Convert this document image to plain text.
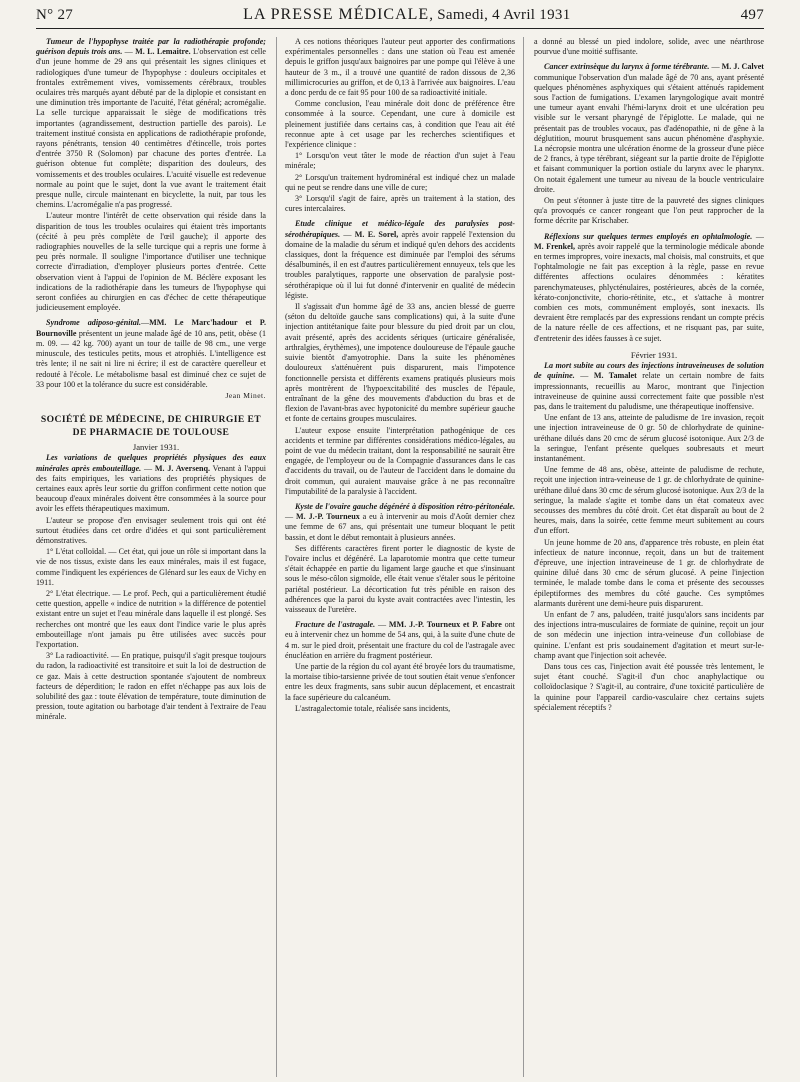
N° 27	LA PRESSE MÉDICALE, Samedi, 4 Avril 1931	497

Tumeur de l'hypophyse traitée par la radiothérapie profonde; guérison depuis trois ans. — M. L. Lemaitre. L'observation est celle d'un jeune homme de 29 ans qui présentait les signes cliniques et radiologiques d'une tumeur de l'hypophyse : douleurs occipitales et frontales extrêmement vives, vomissements cérébraux, troubles oculaires très marqués ayant débuté par de la diplopie et consistant en une diminution très importante de l'acuité, l'état général; acromégalie. La selle turcique apparaissait le siège de modifications très importantes (agrandissement, destruction partielle des parois). Le traitement institué consista en applications de radiothérapie profonde, rayons pénétrants, tension 40 centimètres d'étincelle, trois portes d'entrée 3750 R (Solomon) par chacune des portes d'entrée. La guérison obtenue fut complète; disparition des douleurs, des vomissements et des troubles oculaires. L'acuité visuelle est redevenue normale au point que le sujet, dont la vue avant le traitement était presque nulle, circule maintenant en bicyclette, la nuit, par tous les chemins. L'acromégalie n'a pas progressé.

L'auteur montre l'intérêt de cette observation qui réside dans la disparition de tous les troubles oculaires qui étaient très importants (cécité à peu près complète de l'œil gauche); il apporte des radiographies nouvelles de la selle turcique qui a repris une forme à peu près normale. Il souligne l'importance d'utiliser une technique correcte d'irradiation, d'employer plusieurs portes d'entrée. Cette observation vient à l'appui de l'opinion de M. Béclère exposant les indications de la radiothérapie dans les tumeurs de l'hypophyse qui seront confiées au chirurgien en cas d'échec de cette thérapeutique judicieusement employée.

Syndrome adiposo-génital.—MM. Le Marc'hadour et P. Bournoville présentent un jeune malade âgé de 10 ans, petit, obèse (1 m. 09. — 42 kg. 700) ayant un tour de taille de 98 cm., une verge minuscule, des testicules petits, mous et atrophiés. L'intelligence est très lente; il ne sait ni lire ni écrire; il est de caractère querelleur et redouté à l'école. Le métabolisme basal est diminué chez ce sujet de 33 pour 100 et la tolérance du sucre est considérable.

Jean Minet.

SOCIÉTÉ DE MÉDECINE, DE CHIRURGIE ET DE PHARMACIE DE TOULOUSE

Janvier 1931.

Les variations de quelques propriétés physiques des eaux minérales après embouteillage. — M. J. Aversenq. Venant à l'appui des faits empiriques, les variations des propriétés physiques de certaines eaux après leur sortie du griffon confirment cette notion que beaucoup d'eaux minérales doivent être consommées à la source pour avoir les effets thérapeutiques maximum.

L'auteur se propose d'en envisager seulement trois qui ont été surtout étudiées dans cet ordre d'idées et qui sont particulièrement démonstratives.

1° L'état colloïdal. — Cet état, qui joue un rôle si important dans la vie de nos tissus, existe dans les eaux minérales, mais il est fugace, comme l'indiquent les expériences de Glénard sur les eaux de Vichy en 1911.

2° L'état électrique. — Le prof. Pech, qui a particulièrement étudié cette question, appelle « indice de nutrition » la différence de potentiel existant entre un sujet et l'eau minérale dans laquelle il est plongé. Ses recherches ont montré que les eaux dont l'indice varie le plus après embouteillage n'ont jamais pu être utilisées avec succès pour l'exportation.

3° La radioactivité. — En pratique, puisqu'il s'agit presque toujours du radon, la radioactivité est transitoire et suit la loi de destruction de ce gaz. Mais à cette destruction spontanée s'ajoutent de nombreux facteurs de déperdition; le radon en effet n'échappe pas aux lois de solubilité des gaz : toute élévation de température, toute diminution de pression, toute agitation ou barbotage d'air tendent à l'extraire de l'eau minérale.

A ces notions théoriques l'auteur peut apporter des confirmations expérimentales personnelles : dans une station où l'eau est amenée depuis le griffon jusqu'aux baignoires par une pompe qui l'élève à une hauteur de 3 m., il a trouvé une quantité de radon dissous de 2,36 millimicrocuries au griffon, et de 0,13 à l'arrivée aux baignoires. L'eau a donc perdu de ce fait 95 pour 100 de sa radioactivité initiale.

Comme conclusion, l'eau minérale doit donc de préférence être consommée à la source. Cependant, une cure à domicile est pleinement justifiée dans certains cas, à condition que l'eau ait été reconnue apte à cet usage par les recherches scientifiques et l'expérience clinique :

1° Lorsqu'on veut tâter le mode de réaction d'un sujet à l'eau minérale;

2° Lorsqu'un traitement hydrominéral est indiqué chez un malade qui ne peut se rendre dans une ville de cure;

3° Lorsqu'il s'agit de faire, après un traitement à la station, des cures intercalaires.

Etude clinique et médico-légale des paralysies post-sérothérapiques. — M. E. Sorel, après avoir rappelé l'extension du domaine de la maladie du sérum et indiqué qu'en dehors des accidents classiques, dont la fréquence est diminuée par l'emploi des sérums désalbuminés, il en est d'autres particulièrement ennuyeux, tels que les troubles paralytiques, rapporte une observation de paralysie post-sérothérapique où il lui fut donné d'intervenir en qualité de médecin légiste.

Il s'agissait d'un homme âgé de 33 ans, ancien blessé de guerre (séton du deltoïde gauche sans complications) qui, à la suite d'une injection antitétanique faite pour blessure du pied droit par un clou, avait présenté, après des accidents sériques (urticaire généralisée, arthralgies, érythèmes), une impotence douloureuse de l'épaule gauche suivie bientôt d'amyotrophie. Dans la suite les phénomènes douloureux s'atténuèrent puis disparurent, mais l'impotence fonctionnelle persista et différents examens pratiqués plusieurs mois après montrèrent de l'hypoexcitabilité des muscles de l'épaule, entraînant de la gêne des mouvements d'abduction du bras et de flexion de l'avant-bras avec hypotonicité du membre supérieur gauche et fonte de certains groupes musculaires.

L'auteur expose ensuite l'interprétation pathogénique de ces accidents et termine par différentes considérations médico-légales, au point de vue du médecin traitant, dont la responsabilité ne saurait être engagée, de l'employeur ou de la Compagnie d'assurances dans le cas d'accidents du travail, ou de l'auteur de l'accident dans le domaine du droit commun, qui auraient mauvaise grâce à ne pas reconnaître l'imputabilité de la paralysie à l'accident.

Kyste de l'ovaire gauche dégénéré à disposition rétro-péritonéale. — M. J.-P. Tourneux a eu à intervenir au mois d'Août dernier chez une femme de 67 ans, qui présentait une tumeur bloquant le petit bassin, et dont le début remontait à plusieurs années.

Ses différents caractères firent porter le diagnostic de kyste de l'ovaire inclus et dégénéré. La laparotomie montra que cette tumeur s'était échappée en partie du ligament large gauche et que s'insinuant sous le méso-côlon sigmoïde, elle était venue s'étaler sous le péritoine pariétal postérieur. La décortication fut très pénible en raison des adhérences que la paroi du kyste avait contractées avec l'intestin, les vaisseaux de l'uretère.

Fracture de l'astragale. — MM. J.-P. Tourneux et P. Fabre ont eu à intervenir chez un homme de 54 ans, qui, à la suite d'une chute de 4 m. sur le pied droit, présentait une fracture du col de l'astragale avec énucléation en arrière du fragment postérieur.

Une partie de la région du col ayant été broyée lors du traumatisme, la mortaise tibio-tarsienne privée de tout soutien était venue s'enfoncer entre les deux fragments, sans subir aucun déplacement, et encastrait la face supérieure du calcanéum.

L'astragalectomie totale, réalisée sans incidents,

a donné au blessé un pied indolore, solide, avec une néarthrose pourvue d'une moitié suffisante.

Cancer extrinsèque du larynx à forme térébrante. — M. J. Calvet communique l'observation d'un malade âgé de 70 ans, ayant présenté quelques phénomènes asphyxiques qui s'étaient atténués rapidement sous l'action de fumigations. L'examen laryngologique avait montré une tumeur ayant envahi l'hémi-larynx droit et une ulcération peu visible sur le versant pharyngé de l'épiglotte. Le malade, qui ne présentait pas de troubles vocaux, pas d'adénopathie, ni de gêne à la déglutition, mourut brusquement sans aucun phénomène d'asphyxie. La nécropsie montra une ulcération énorme de la grosseur d'une pièce de 2 francs, à type térébrant, siégeant sur la partie droite de l'épiglotte et faisant communiquer la portion ostiale du larynx avec le pharynx. On notait également une tumeur au niveau de la boucle ventriculaire droite.

On peut s'étonner à juste titre de la pauvreté des signes cliniques qu'a provoqués ce cancer rongeant que l'on peut rapprocher de la forme décrite par Krischaber.

Réflexions sur quelques termes employés en ophtalmologie. — M. Frenkel, après avoir rappelé que la terminologie médicale abonde en termes impropres, voire inexacts, mal choisis, mal construits, et que l'ophtalmologie ne fait pas exception à la règle, passe en revue différentes affections oculaires dénommées : kératites parenchymateuses, phlycténulaires, postérieures, abcès de la cornée, kérato-conjonctivite, chorio-rétinite, etc., et s'attache à montrer combien ces mots, communément employés, sont inexacts. Ils devraient être remplacés par des expressions rendant un compte précis de la nature réelle de ces affections, et ne risquant pas, par suite, d'entretenir des idées fausses à ce sujet.

Février 1931.

La mort subite au cours des injections intraveineuses de solution de quinine. — M. Tamalet relate un certain nombre de faits impressionnants, recueillis au Maroc, montrant que l'injection intraveineuse de quinine aussi correctement faite que possible n'est pas, dans le traitement du paludisme, une thérapeutique inoffensive.

Une enfant de 13 ans, atteinte de paludisme de 1re invasion, reçoit une injection intraveineuse de 0 gr. 50 de chlorhydrate de quinine-uréthane dilués dans 20 cmc de sérum glucosé isotonique. Aux 2/3 de la seringue, l'enfant présente quelques soubresauts et meurt instantanément.

Une femme de 48 ans, obèse, atteinte de paludisme de rechute, reçoit une injection intra-veineuse de 1 gr. de chlorhydrate de quinine-uréthane dilué dans 30 cmc de sérum glucosé isotonique. Aux 2/3 de la seringue, la malade s'agite et tombe dans un état comateux avec secousses des membres du côté droit. Cet état disparaît au bout de 2 heures, mais, dans la soirée, cette femme meurt subitement au cours d'un effort.

Un jeune homme de 20 ans, d'apparence très robuste, en plein état infectieux de nature inconnue, reçoit, dans un but de traitement d'épreuve, une injection intraveineuse de 1 gr. de chlorhydrate de quinine dilué dans 30 cmc de sérum glucosé. A peine l'injection terminée, le malade tombe dans le coma et présente des secousses épileptiformes des membres du côté gauche. Ces symptômes alarmants durèrent une demi-heure puis disparurent.

Un enfant de 7 ans, paludéen, traité jusqu'alors sans incidents par des injections intra-musculaires de formiate de quinine, reçoit un jour de son médecin une injection intra-veineuse d'un collobiase de quinine. L'enfant est pris soudainement d'agitation et meurt sur-le-champ avant que l'injection soit achevée.

Dans tous ces cas, l'injection avait été poussée très lentement, le sujet étant couché. S'agit-il d'un choc anaphylactique ou colloïdoclasique ? S'agit-il, au contraire, d'une toxicité particulière de la quinine pour l'appareil cardio-vasculaire chez certains sujets spécialement réceptifs ?
